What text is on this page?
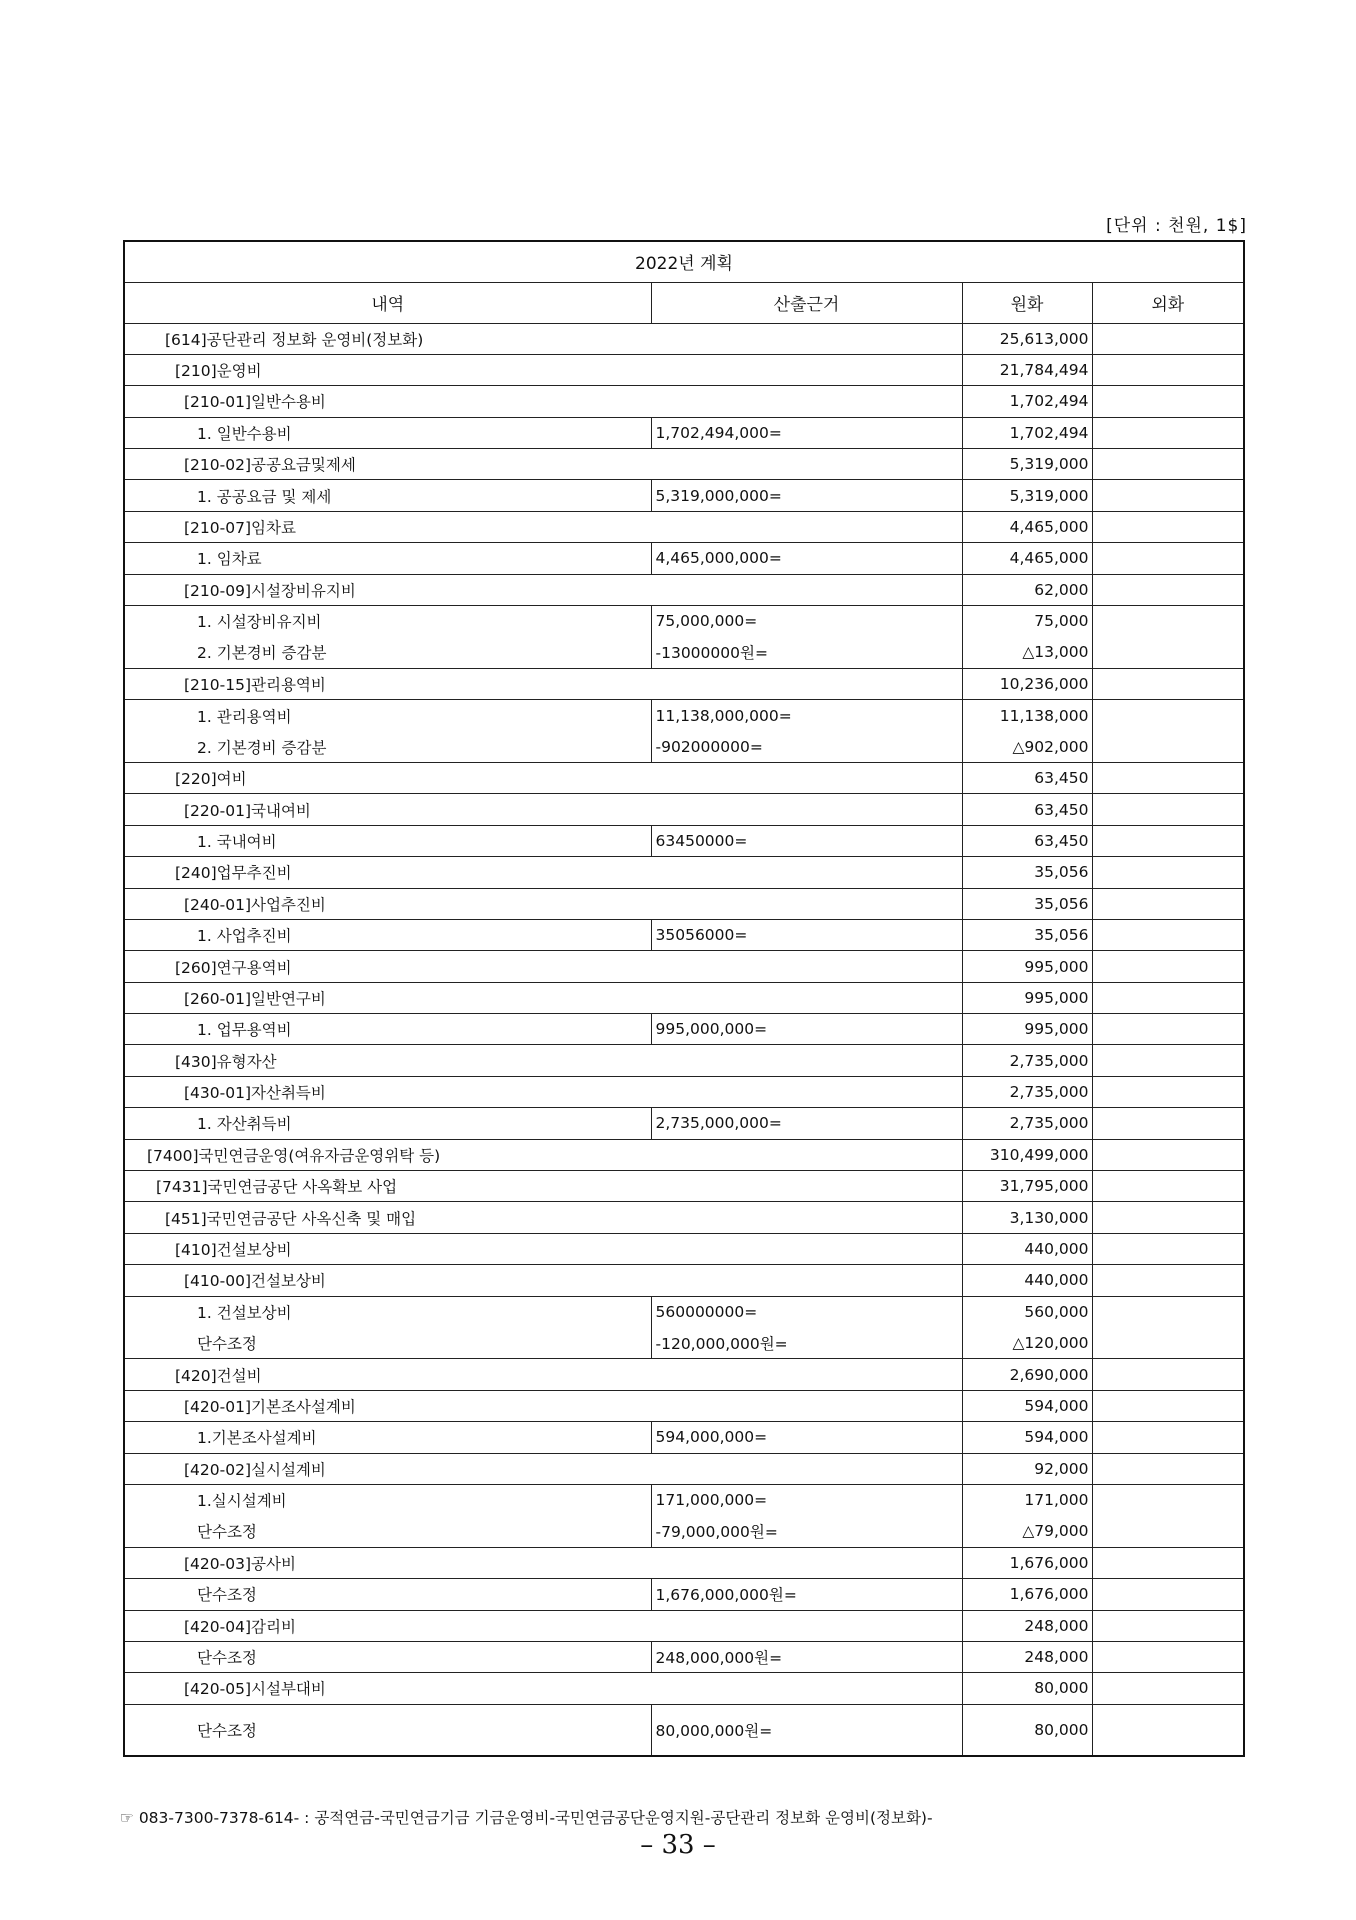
[단위 : 천원, 1$]
2022년 계획			
내역	산출근거	원화	외화
[614]공단관리 정보화 운영비(정보화)		25,613,000	
[210]운영비		21,784,494	
[210-01]일반수용비		1,702,494	
1. 일반수용비	1,702,494,000=	1,702,494	
[210-02]공공요금및제세		5,319,000	
1. 공공요금 및 제세	5,319,000,000=	5,319,000	
[210-07]임차료		4,465,000	
1. 임차료	4,465,000,000=	4,465,000	
[210-09]시설장비유지비		62,000	
1. 시설장비유지비	75,000,000=	75,000	
2. 기본경비 증감분	-13000000원=	△13,000	
[210-15]관리용역비		10,236,000	
1. 관리용역비	11,138,000,000=	11,138,000	
2. 기본경비 증감분	-902000000=	△902,000	
[220]여비		63,450	
[220-01]국내여비		63,450	
1. 국내여비	63450000=	63,450	
[240]업무추진비		35,056	
[240-01]사업추진비		35,056	
1. 사업추진비	35056000=	35,056	
[260]연구용역비		995,000	
[260-01]일반연구비		995,000	
1. 업무용역비	995,000,000=	995,000	
[430]유형자산		2,735,000	
[430-01]자산취득비		2,735,000	
1. 자산취득비	2,735,000,000=	2,735,000	
[7400]국민연금운영(여유자금운영위탁 등)		310,499,000	
[7431]국민연금공단 사옥확보 사업		31,795,000	
[451]국민연금공단 사옥신축 및 매입		3,130,000	
[410]건설보상비		440,000	
[410-00]건설보상비		440,000	
1. 건설보상비	560000000=	560,000	
단수조정	-120,000,000원=	△120,000	
[420]건설비		2,690,000	
[420-01]기본조사설계비		594,000	
1.기본조사설계비	594,000,000=	594,000	
[420-02]실시설계비		92,000	
1.실시설계비	171,000,000=	171,000	
단수조정	-79,000,000원=	△79,000	
[420-03]공사비		1,676,000	
단수조정	1,676,000,000원=	1,676,000	
[420-04]감리비		248,000	
단수조정	248,000,000원=	248,000	
[420-05]시설부대비		80,000	
단수조정	80,000,000원=	80,000	
☞ 083-7300-7378-614- : 공적연금-국민연금기금 기금운영비-국민연금공단운영지원-공단관리 정보화 운영비(정보화)-
– 33 –
